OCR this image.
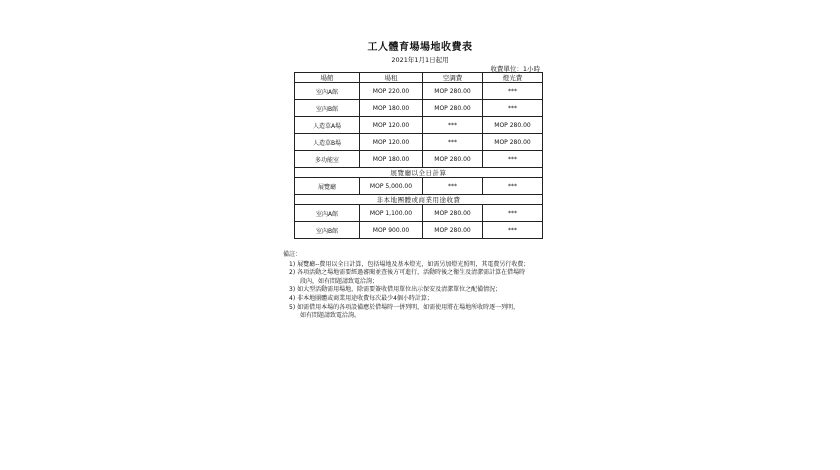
工人體育場場地收費表
2021年1月1日起用
收費單位：1小時
場館	場租	空調費	燈光費
室內A館	MOP 220.00	MOP 280.00	***
室內B館	MOP 180.00	MOP 280.00	***
人造草A場	MOP 120.00	***	MOP 280.00
人造草B場	MOP 120.00	***	MOP 280.00
多功能室	MOP 180.00	MOP 280.00	***
展覽廳以全日計算			
展覽廳	MOP 5,000.00	***	***
非本地團體或商業用途收費			
室內A館	MOP 1,100.00	MOP 280.00	***
室內B館	MOP 900.00	MOP 280.00	***
備註：
1) 展覽廳--費用以全日計算，包括場地及基本燈光，如需另加燈光照明，其電費另行收費；
2) 各項活動之場地需要經過審閱並查後方可進行，活動時後之衛生及清潔需計算在借場時
段內，如有問題請致電洽詢；
3) 如大型活動需用場地，除需要簽收借用單位出示保安及清潔單位之配備情況；
4) 非本地團體或商業用途收費每次最少4個小時計算；
5) 如需借用本場的各項設備應於借場時一併列明，如需使用將在場地所收時逐一列明，
如有問題請致電洽詢。
